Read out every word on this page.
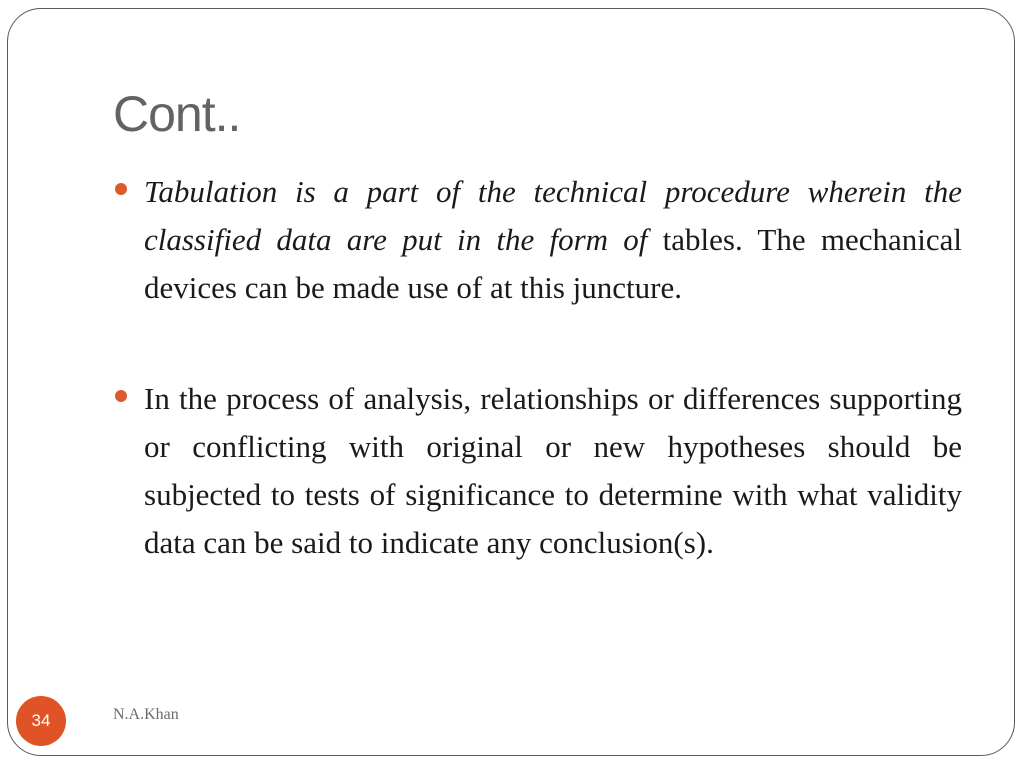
Cont..
Tabulation is a part of the technical procedure wherein the classified data are put in the form of tables. The mechanical devices can be made use of at this juncture.
In the process of analysis, relationships or differences supporting or conflicting with original or new hypotheses should be subjected to tests of significance to determine with what validity data can be said to indicate any conclusion(s).
34	N.A.Khan
